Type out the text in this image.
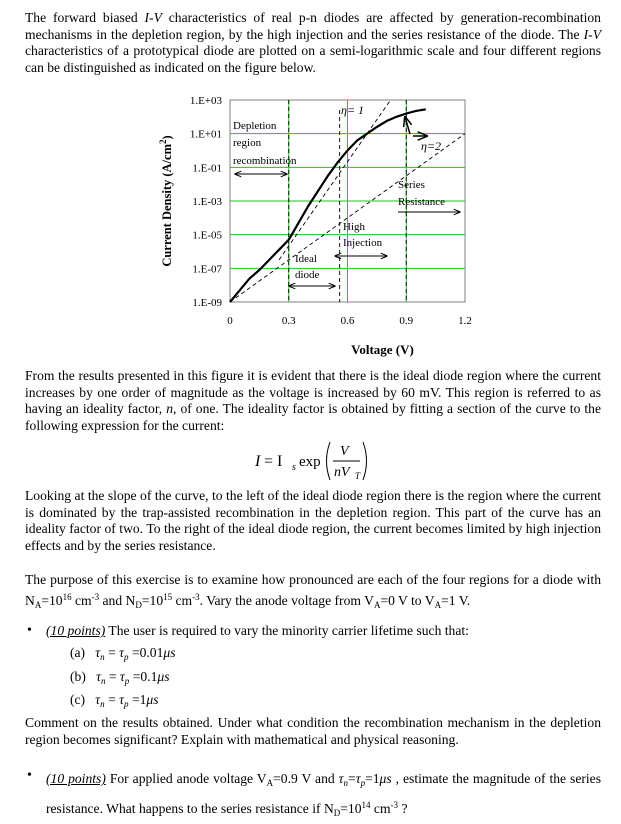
The forward biased I-V characteristics of real p-n diodes are affected by generation-recombination mechanisms in the depletion region, by the high injection and the series resistance of the diode. The I-V characteristics of a prototypical diode are plotted on a semi-logarithmic scale and four different regions can be distinguished as indicated on the figure below.

1.E+03
1.E+01
1.E-01
1.E-03
1.E-05
1.E-07
1.E-09
0	0.3	0.6	0.9	1.2
Voltage (V)
Current Density $(A/cm^2)$
η= 1
η=2
Depletion
region
recombination
Series
Resistance
High
Injection
Ideal
diode

From the results presented in this figure it is evident that there is the ideal diode region where the current increases by one order of magnitude as the voltage is increased by 60 mV. This region is referred to as having an ideality factor, n, of one. The ideality factor is obtained by fitting a section of the curve to the following expression for the current:

I = I s exp
V
nV T

Looking at the slope of the curve, to the left of the ideal diode region there is the region where the current is dominated by the trap-assisted recombination in the depletion region. This part of the curve has an ideality factor of two. To the right of the ideal diode region, the current becomes limited by high injection effects and by the series resistance.

The purpose of this exercise is to examine how pronounced are each of the four regions for a diode with $N_A=10^{16}$ $cm^{-3}$ and $N_D=10^{15}$ $cm^{-3}$. Vary the anode voltage from $V_A=0$ V to $V_A=1$ V.

• (10 points) The user is required to vary the minority carrier lifetime such that:

(a) $\tau_n = \tau_p =0.01\mu s$
(b) $\tau_n = \tau_p =0.1\mu s$
(c) $\tau_n = \tau_p =1\mu s$

Comment on the results obtained. Under what condition the recombination mechanism in the depletion region becomes significant? Explain with mathematical and physical reasoning.

• (10 points) For applied anode voltage $V_A=0.9$ V and $\tau_n=\tau_p=1\mu s$ , estimate the magnitude of the series resistance. What happens to the series resistance if $N_D=10^{14}$ $cm^{-3}$ ?
